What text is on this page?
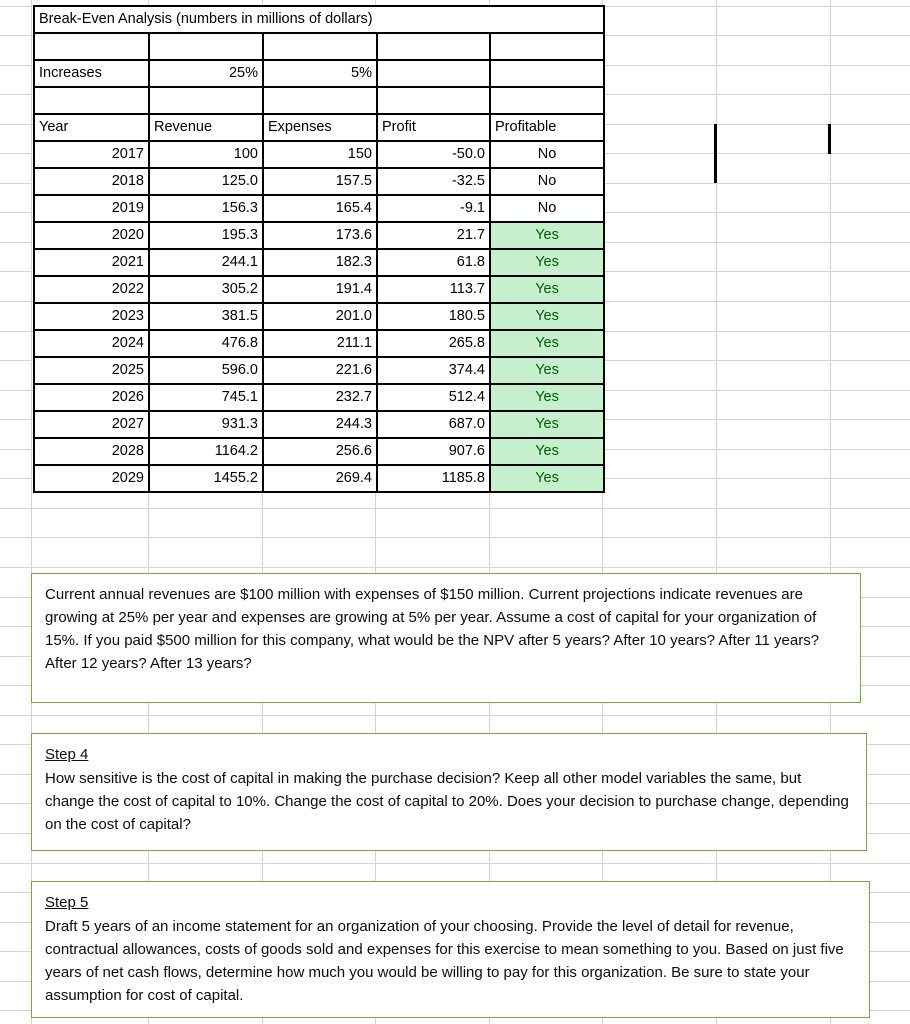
Break-Even Analysis (numbers in millions of dollars)				

Increases	25%	5%		

Year	Revenue	Expenses	Profit	Profitable
2017	100	150	-50.0	No
2018	125.0	157.5	-32.5	No
2019	156.3	165.4	-9.1	No
2020	195.3	173.6	21.7	Yes
2021	244.1	182.3	61.8	Yes
2022	305.2	191.4	113.7	Yes
2023	381.5	201.0	180.5	Yes
2024	476.8	211.1	265.8	Yes
2025	596.0	221.6	374.4	Yes
2026	745.1	232.7	512.4	Yes
2027	931.3	244.3	687.0	Yes
2028	1164.2	256.6	907.6	Yes
2029	1455.2	269.4	1185.8	Yes

Current annual revenues are $100 million with expenses of $150 million. Current projections indicate revenues are growing at 25% per year and expenses are growing at 5% per year. Assume a cost of capital for your organization of 15%. If you paid $500 million for this company, what would be the NPV after 5 years? After 10 years? After 11 years? After 12 years? After 13 years?

Step 4

How sensitive is the cost of capital in making the purchase decision? Keep all other model variables the same, but change the cost of capital to 10%. Change the cost of capital to 20%. Does your decision to purchase change, depending on the cost of capital?

Step 5

Draft 5 years of an income statement for an organization of your choosing. Provide the level of detail for revenue, contractual allowances, costs of goods sold and expenses for this exercise to mean something to you. Based on just five years of net cash flows, determine how much you would be willing to pay for this organization. Be sure to state your assumption for cost of capital.
